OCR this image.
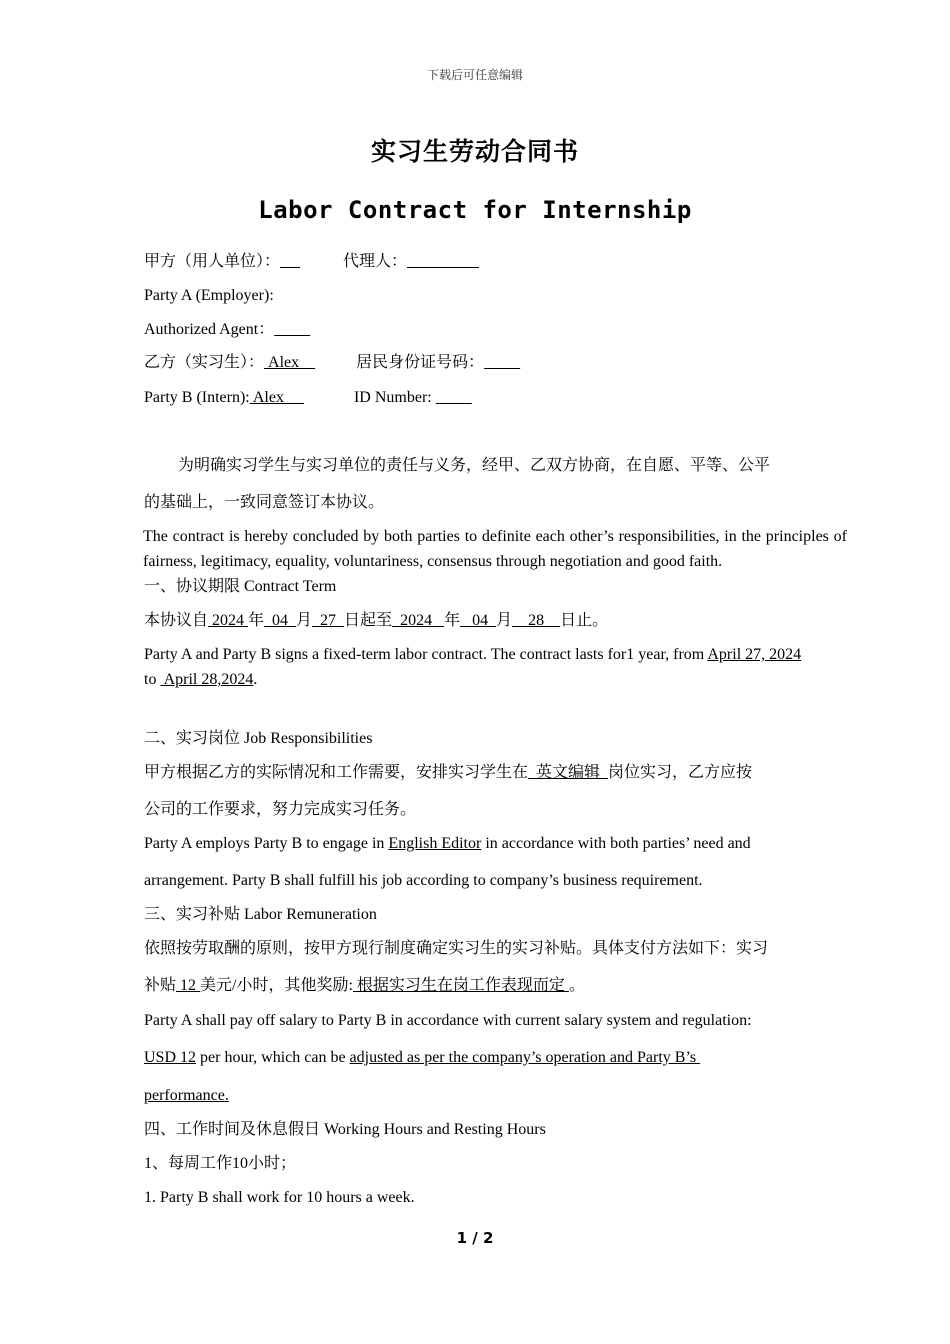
下载后可任意编辑
实习生劳动合同书
Labor Contract for Internship
甲方（用人单位）：	代理人：
Party A (Employer):
Authorized Agent：
乙方（实习生）： Alex	居民身份证号码：
Party B (Intern): Alex	ID Number:
为明确实习学生与实习单位的责任与义务，经甲、乙双方协商，在自愿、平等、公平
的基础上，一致同意签订本协议。
The contract is hereby concluded by both parties to definite each other’s responsibilities, in the principles of fairness, legitimacy, equality, voluntariness, consensus through negotiation and good faith.
一、协议期限 Contract Term
本协议自 2024 年  04  月  27  日起至  2024   年   04  月    28    日止。
Party A and Party B signs a fixed-term labor contract. The contract lasts for1 year, from April 27, 2024
to  April 28,2024.
二、实习岗位 Job Responsibilities
甲方根据乙方的实际情况和工作需要，安排实习学生在  英文编辑  岗位实习，乙方应按
公司的工作要求，努力完成实习任务。
Party A employs Party B to engage in English Editor in accordance with both parties’ need and
arrangement. Party B shall fulfill his job according to company’s business requirement.
三、实习补贴 Labor Remuneration
依照按劳取酬的原则，按甲方现行制度确定实习生的实习补贴。具体支付方法如下：实习
补贴 12 美元/小时，其他奖励: 根据实习生在岗工作表现而定 。
Party A shall pay off salary to Party B in accordance with current salary system and regulation:
USD 12 per hour, which can be adjusted as per the company’s operation and Party B’s
performance.
四、工作时间及休息假日 Working Hours and Resting Hours
1、每周工作10小时；
1. Party B shall work for 10 hours a week.
1 / 2
